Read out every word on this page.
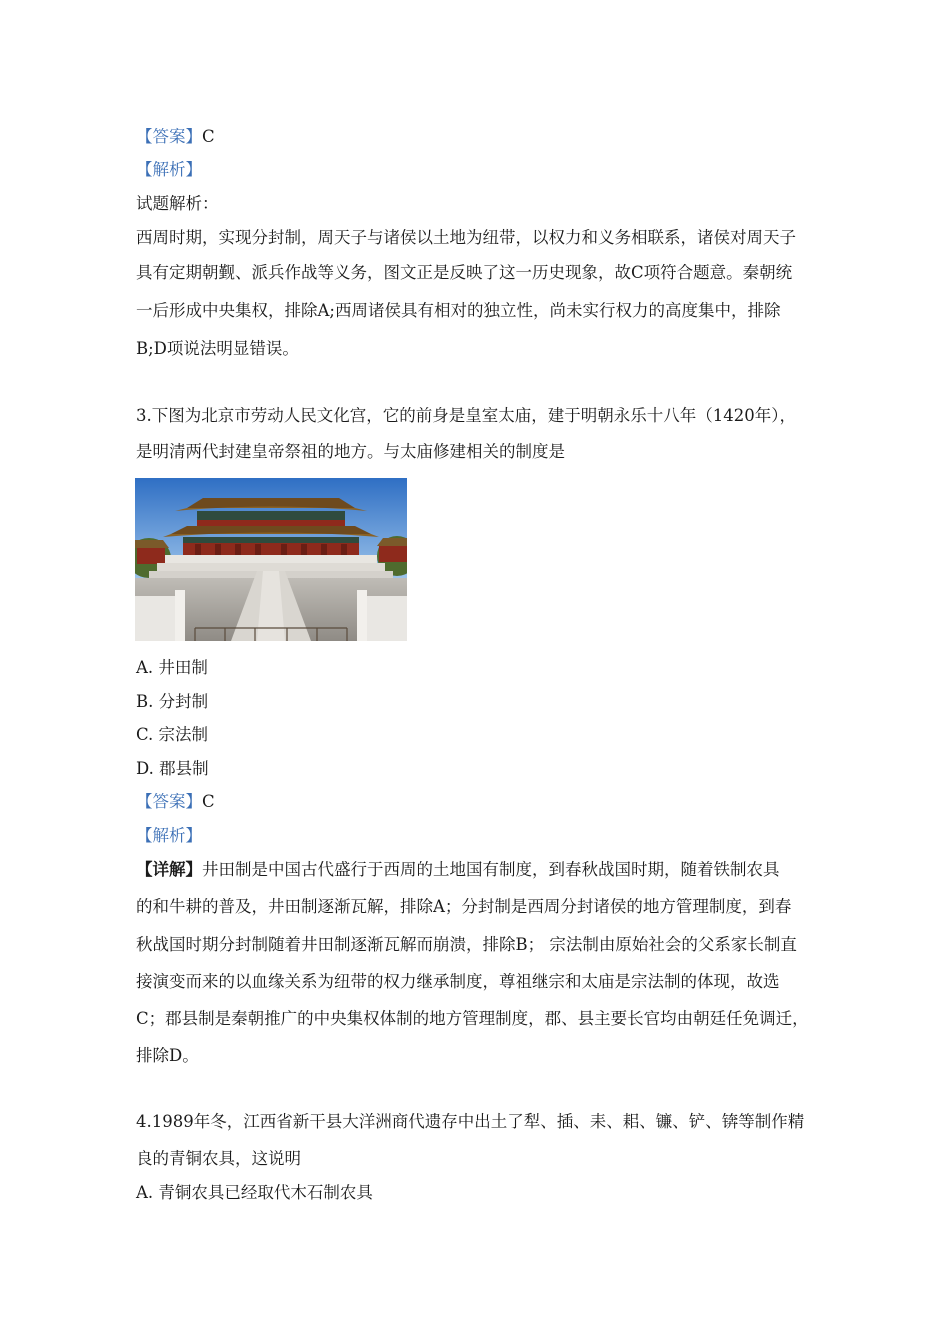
【答案】C
【解析】
试题解析：
西周时期，实现分封制，周天子与诸侯以土地为纽带，以权力和义务相联系，诸侯对周天子
具有定期朝觐、派兵作战等义务，图文正是反映了这一历史现象，故C项符合题意。秦朝统
一后形成中央集权，排除A;西周诸侯具有相对的独立性，尚未实行权力的高度集中，排除
B;D项说法明显错误。
3.下图为北京市劳动人民文化宫，它的前身是皇室太庙，建于明朝永乐十八年（1420年），
是明清两代封建皇帝祭祖的地方。与太庙修建相关的制度是
A. 井田制
B. 分封制
C. 宗法制
D. 郡县制
【答案】C
【解析】
【详解】井田制是中国古代盛行于西周的土地国有制度，到春秋战国时期，随着铁制农具
的和牛耕的普及，井田制逐渐瓦解，排除A；分封制是西周分封诸侯的地方管理制度，到春
秋战国时期分封制随着井田制逐渐瓦解而崩溃，排除B； 宗法制由原始社会的父系家长制直
接演变而来的以血缘关系为纽带的权力继承制度，尊祖继宗和太庙是宗法制的体现，故选
C；郡县制是秦朝推广的中央集权体制的地方管理制度，郡、县主要长官均由朝廷任免调迁，
排除D。
4.1989年冬，江西省新干县大洋洲商代遗存中出土了犁、插、耒、耜、镰、铲、锛等制作精
良的青铜农具，这说明
A. 青铜农具已经取代木石制农具
